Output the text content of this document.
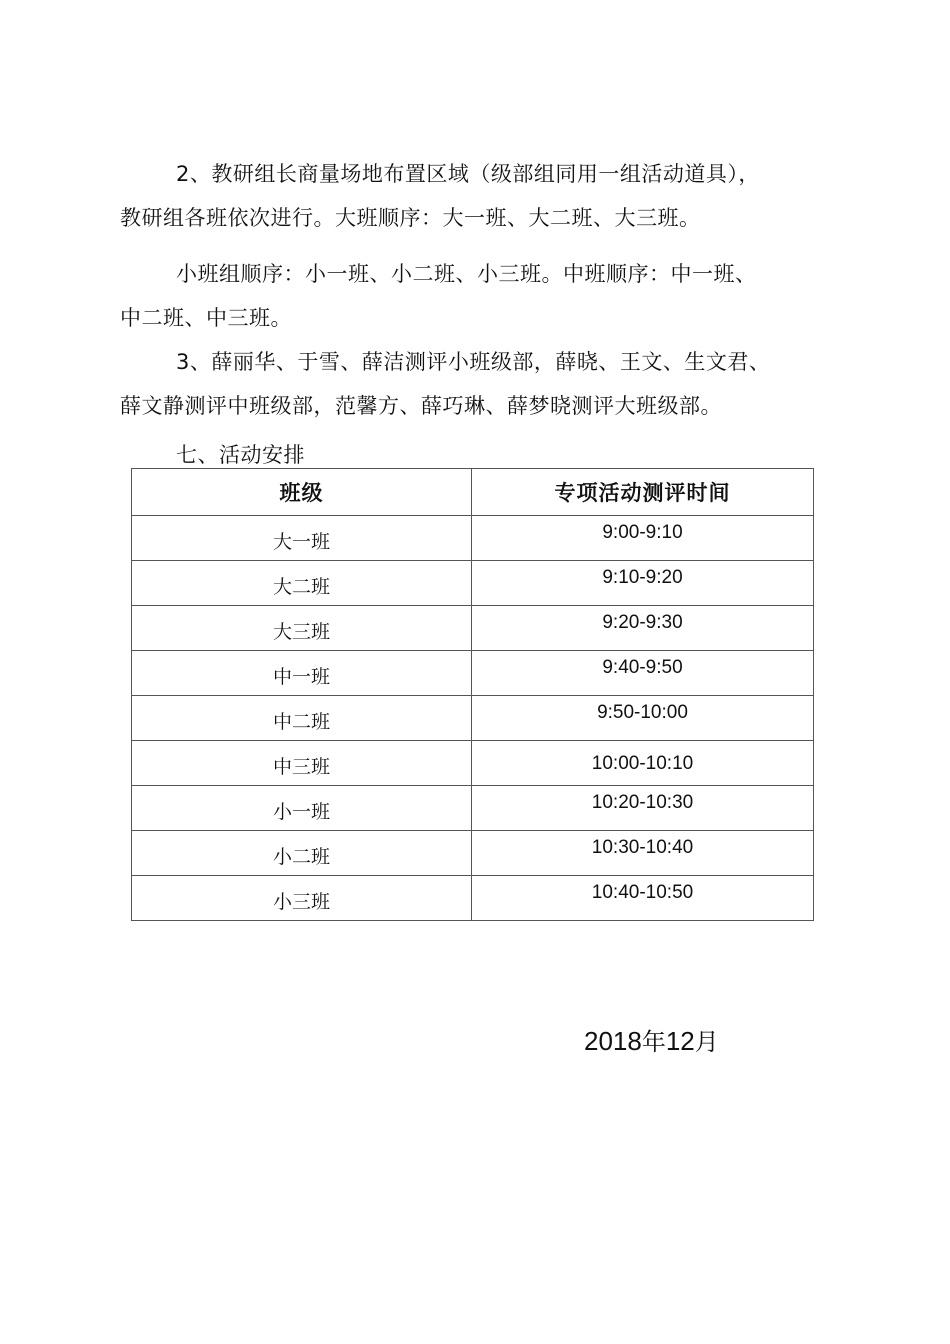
2、教研组长商量场地布置区域（级部组同用一组活动道具），
教研组各班依次进行。大班顺序：大一班、大二班、大三班。
小班组顺序：小一班、小二班、小三班。中班顺序：中一班、
中二班、中三班。
3、薛丽华、于雪、薛洁测评小班级部，薛晓、王文、生文君、
薛文静测评中班级部，范馨方、薛巧琳、薛梦晓测评大班级部。
七、活动安排
班级	专项活动测评时间
大一班	9:00-9:10
大二班	9:10-9:20
大三班	9:20-9:30
中一班	9:40-9:50
中二班	9:50-10:00
中三班	10:00-10:10
小一班	10:20-10:30
小二班	10:30-10:40
小三班	10:40-10:50
2018年12月
